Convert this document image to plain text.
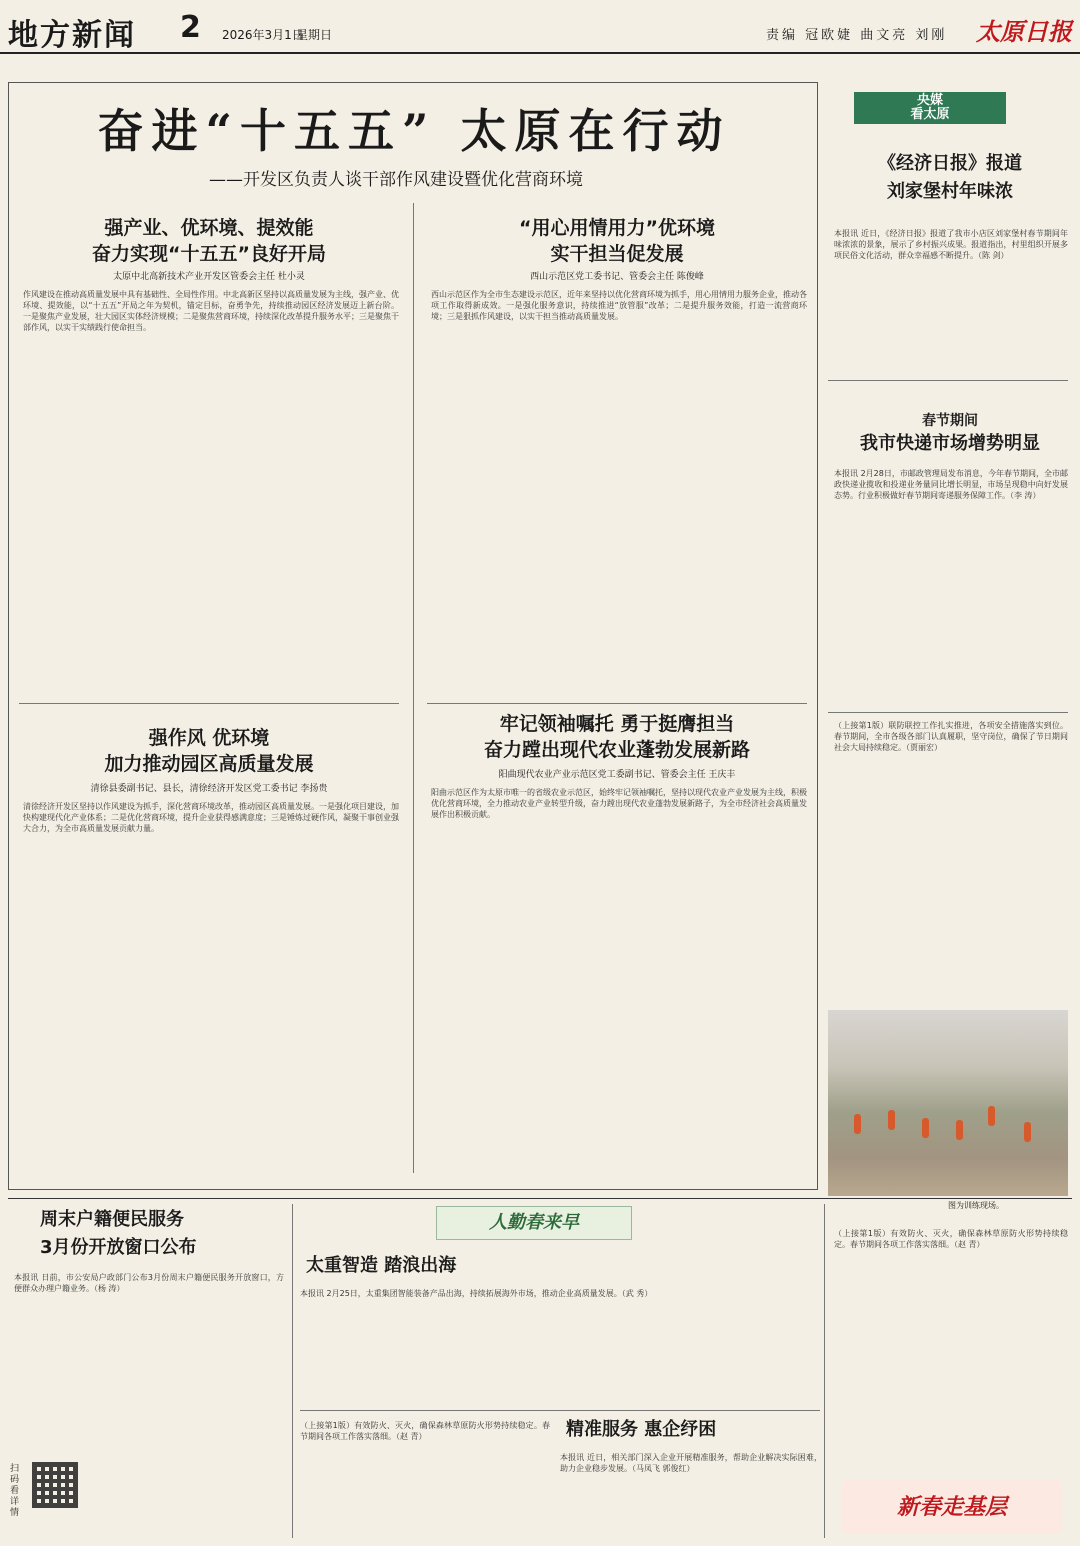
地方新闻 2 2026年3月1日
星期日	责编 冠欧婕 曲文亮 刘刚 太原日报
奋进“十五五” 太原在行动
——开发区负责人谈干部作风建设暨优化营商环境
强产业、优环境、提效能
奋力实现“十五五”良好开局
太原中北高新技术产业开发区管委会主任 杜小灵
作风建设在推动高质量发展中具有基础性、全局性作用。中北高新区坚持以高质量发展为主线，强产业、优环境、提效能，以“十五五”开局之年为契机，锚定目标，奋勇争先，持续推动园区经济发展迈上新台阶。一是聚焦产业发展，壮大园区实体经济规模；二是聚焦营商环境，持续深化改革提升服务水平；三是聚焦干部作风，以实干实绩践行使命担当。
“用心用情用力”优环境
实干担当促发展
西山示范区党工委书记、管委会主任 陈俊峰
西山示范区作为全市生态建设示范区，近年来坚持以优化营商环境为抓手，用心用情用力服务企业，推动各项工作取得新成效。一是强化服务意识，持续推进“放管服”改革；二是提升服务效能，打造一流营商环境；三是狠抓作风建设，以实干担当推动高质量发展。
强作风 优环境
加力推动园区高质量发展
清徐县委副书记、县长，清徐经济开发区党工委书记 李扬贵
清徐经济开发区坚持以作风建设为抓手，深化营商环境改革，推动园区高质量发展。一是强化项目建设，加快构建现代化产业体系；二是优化营商环境，提升企业获得感满意度；三是锤炼过硬作风，凝聚干事创业强大合力，为全市高质量发展贡献力量。
牢记领袖嘱托 勇于挺膺担当
奋力蹚出现代农业蓬勃发展新路
阳曲现代农业产业示范区党工委副书记、管委会主任 王庆丰
阳曲示范区作为太原市唯一的省级农业示范区，始终牢记领袖嘱托，坚持以现代农业产业发展为主线，积极优化营商环境，全力推动农业产业转型升级，奋力蹚出现代农业蓬勃发展新路子，为全市经济社会高质量发展作出积极贡献。
央媒
看太原
《经济日报》报道
刘家堡村年味浓
本报讯 近日，《经济日报》报道了我市小店区刘家堡村春节期间年味浓浓的景象，展示了乡村振兴成果。报道指出，村里组织开展多项民俗文化活动，群众幸福感不断提升。（陈 剑）
春节期间
我市快递市场增势明显
本报讯 2月28日，市邮政管理局发布消息，今年春节期间，全市邮政快递业揽收和投递业务量同比增长明显，市场呈现稳中向好发展态势。行业积极做好春节期间寄递服务保障工作。（李 涛）
（上接第1版）联防联控工作扎实推进，各项安全措施落实到位。春节期间，全市各级各部门认真履职，坚守岗位，确保了节日期间社会大局持续稳定。（贾丽宏）
图为训练现场。
周末户籍便民服务
3月份开放窗口公布
本报讯 日前，市公安局户政部门公布3月份周末户籍便民服务开放窗口，方便群众办理户籍业务。（杨 涛）
扫码看详情
人勤春来早
太重智造 踏浪出海
本报讯 2月25日，太重集团智能装备产品出海，持续拓展海外市场，推动企业高质量发展。（武 秀）
（上接第1版）有效防火、灭火，确保森林草原防火形势持续稳定。春节期间各项工作落实落细。（赵 青）	精准服务 惠企纾困
本报讯 近日，相关部门深入企业开展精准服务，帮助企业解决实际困难，助力企业稳步发展。（马凤飞 郭俊红）
（上接第1版）有效防火、灭火，确保森林草原防火形势持续稳定。春节期间各项工作落实落细。（赵 青）
新春走基层
